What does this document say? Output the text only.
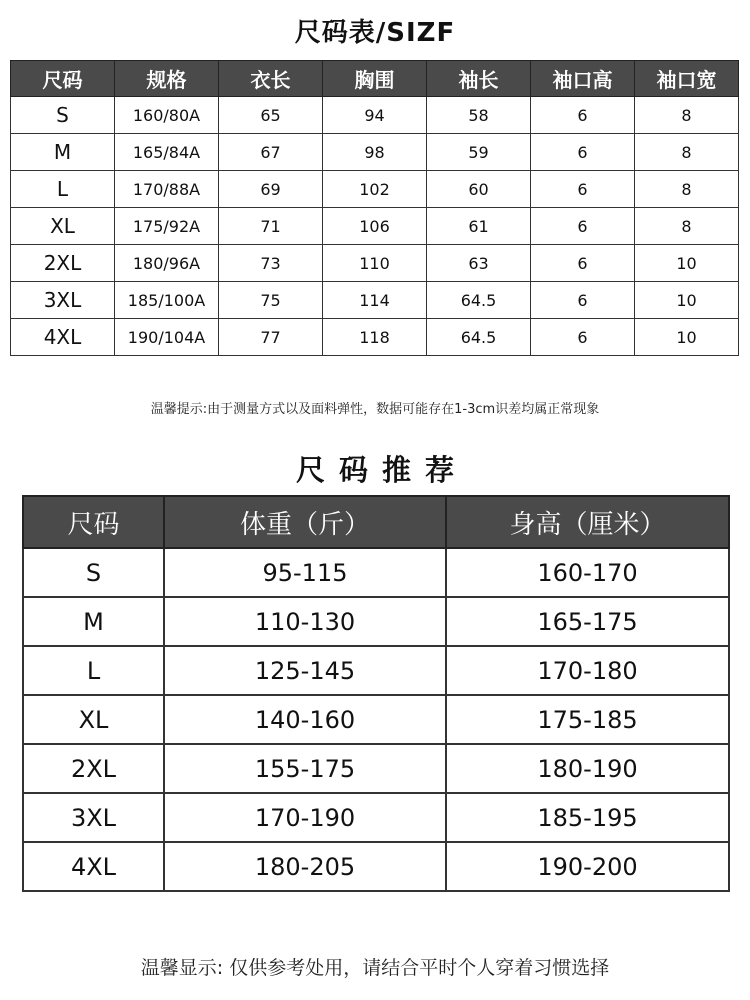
尺码表/SIZF
尺码	规格	衣长	胸围	袖长	袖口高	袖口宽
S	160/80A	65	94	58	6	8
M	165/84A	67	98	59	6	8
L	170/88A	69	102	60	6	8
XL	175/92A	71	106	61	6	8
2XL	180/96A	73	110	63	6	10
3XL	185/100A	75	114	64.5	6	10
4XL	190/104A	77	118	64.5	6	10
温馨提示:由于测量方式以及面料弹性，数据可能存在1-3cm识差均属正常现象
尺码推荐
尺码	体重（斤）	身高（厘米）
S	95-115	160-170
M	110-130	165-175
L	125-145	170-180
XL	140-160	175-185
2XL	155-175	180-190
3XL	170-190	185-195
4XL	180-205	190-200
温馨显示: 仅供参考处用，请结合平时个人穿着习惯选择
